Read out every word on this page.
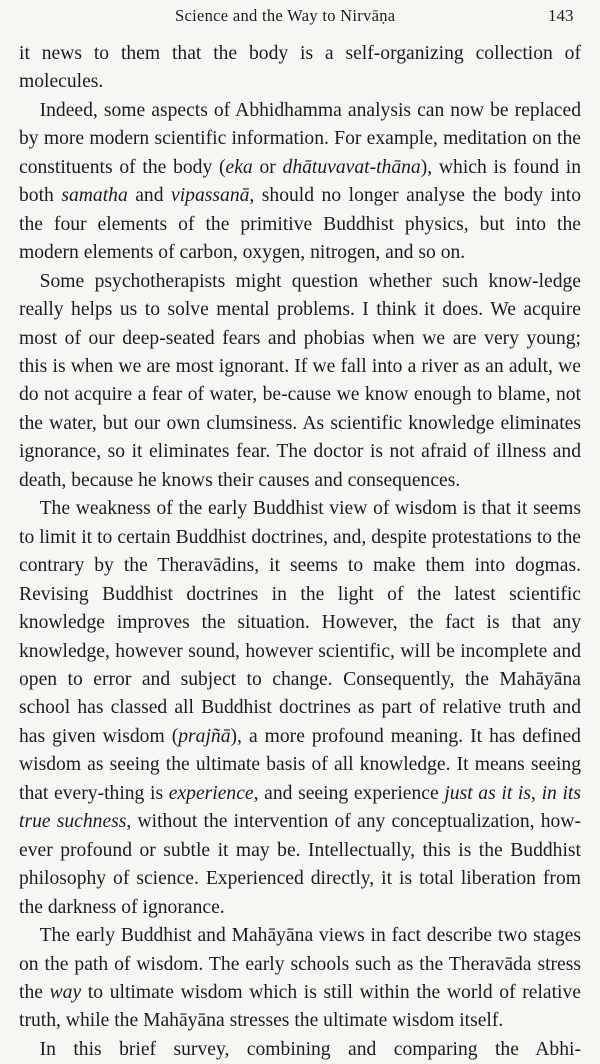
Science and the Way to Nirvāṇa	143

it news to them that the body is a self-organizing collection of molecules.

Indeed, some aspects of Abhidhamma analysis can now be replaced by more modern scientific information. For example, meditation on the constituents of the body (eka or dhātuvavat-thāna), which is found in both samatha and vipassanā, should no longer analyse the body into the four elements of the primitive Buddhist physics, but into the modern elements of carbon, oxygen, nitrogen, and so on.

Some psychotherapists might question whether such know-ledge really helps us to solve mental problems. I think it does. We acquire most of our deep-seated fears and phobias when we are very young; this is when we are most ignorant. If we fall into a river as an adult, we do not acquire a fear of water, be-cause we know enough to blame, not the water, but our own clumsiness. As scientific knowledge eliminates ignorance, so it eliminates fear. The doctor is not afraid of illness and death, because he knows their causes and consequences.

The weakness of the early Buddhist view of wisdom is that it seems to limit it to certain Buddhist doctrines, and, despite protestations to the contrary by the Theravādins, it seems to make them into dogmas. Revising Buddhist doctrines in the light of the latest scientific knowledge improves the situation. However, the fact is that any knowledge, however sound, however scientific, will be incomplete and open to error and subject to change. Consequently, the Mahāyāna school has classed all Buddhist doctrines as part of relative truth and has given wisdom (prajñā), a more profound meaning. It has defined wisdom as seeing the ultimate basis of all knowledge. It means seeing that every-thing is experience, and seeing experience just as it is, in its true suchness, without the intervention of any conceptualization, how-ever profound or subtle it may be. Intellectually, this is the Buddhist philosophy of science. Experienced directly, it is total liberation from the darkness of ignorance.

The early Buddhist and Mahāyāna views in fact describe two stages on the path of wisdom. The early schools such as the Theravāda stress the way to ultimate wisdom which is still within the world of relative truth, while the Mahāyāna stresses the ultimate wisdom itself.

In this brief survey, combining and comparing the Abhi-
